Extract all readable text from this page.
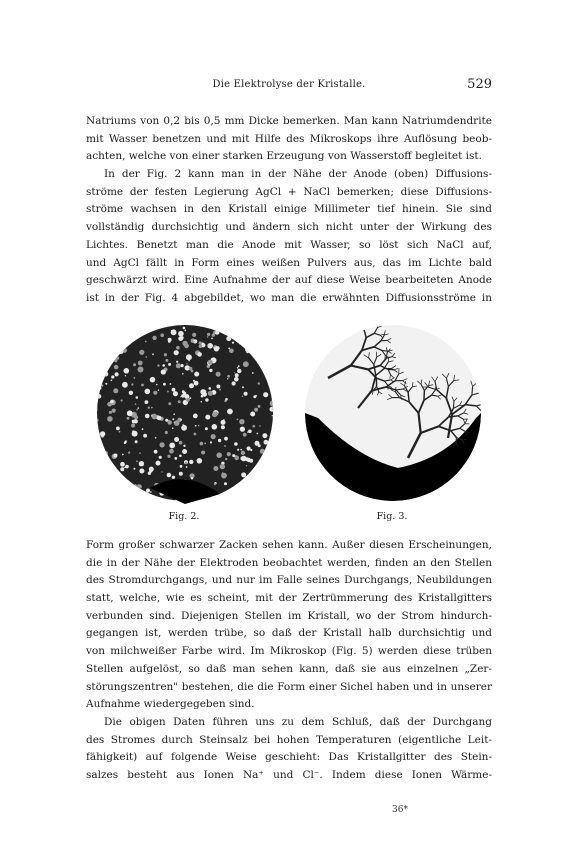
Die Elektrolyse der Kristalle.	529
Natriums von 0,2 bis 0,5 mm Dicke bemerken. Man kann Natriumdendrite
mit Wasser benetzen und mit Hilfe des Mikroskops ihre Auflösung beob-
achten, welche von einer starken Erzeugung von Wasserstoff begleitet ist.
In der Fig. 2 kann man in der Nähe der Anode (oben) Diffusions-
ströme der festen Legierung AgCl + NaCl bemerken; diese Diffusions-
ströme wachsen in den Kristall einige Millimeter tief hinein. Sie sind
vollständig durchsichtig und ändern sich nicht unter der Wirkung des
Lichtes. Benetzt man die Anode mit Wasser, so löst sich NaCl auf,
und AgCl fällt in Form eines weißen Pulvers aus, das im Lichte bald
geschwärzt wird. Eine Aufnahme der auf diese Weise bearbeiteten Anode
ist in der Fig. 4 abgebildet, wo man die erwähnten Diffusionsströme in
Fig. 2.	Fig. 3.
Form großer schwarzer Zacken sehen kann. Außer diesen Erscheinungen,
die in der Nähe der Elektroden beobachtet werden, finden an den Stellen
des Stromdurchgangs, und nur im Falle seines Durchgangs, Neubildungen
statt, welche, wie es scheint, mit der Zertrümmerung des Kristallgitters
verbunden sind. Diejenigen Stellen im Kristall, wo der Strom hindurch-
gegangen ist, werden trübe, so daß der Kristall halb durchsichtig und
von milchweißer Farbe wird. Im Mikroskop (Fig. 5) werden diese trüben
Stellen aufgelöst, so daß man sehen kann, daß sie aus einzelnen „Zer-
störungszentren" bestehen, die die Form einer Sichel haben und in unserer
Aufnahme wiedergegeben sind.
Die obigen Daten führen uns zu dem Schluß, daß der Durchgang
des Stromes durch Steinsalz bei hohen Temperaturen (eigentliche Leit-
fähigkeit) auf folgende Weise geschieht: Das Kristallgitter des Stein-
salzes besteht aus Ionen Na⁺ und Cl⁻. Indem diese Ionen Wärme-
36*
